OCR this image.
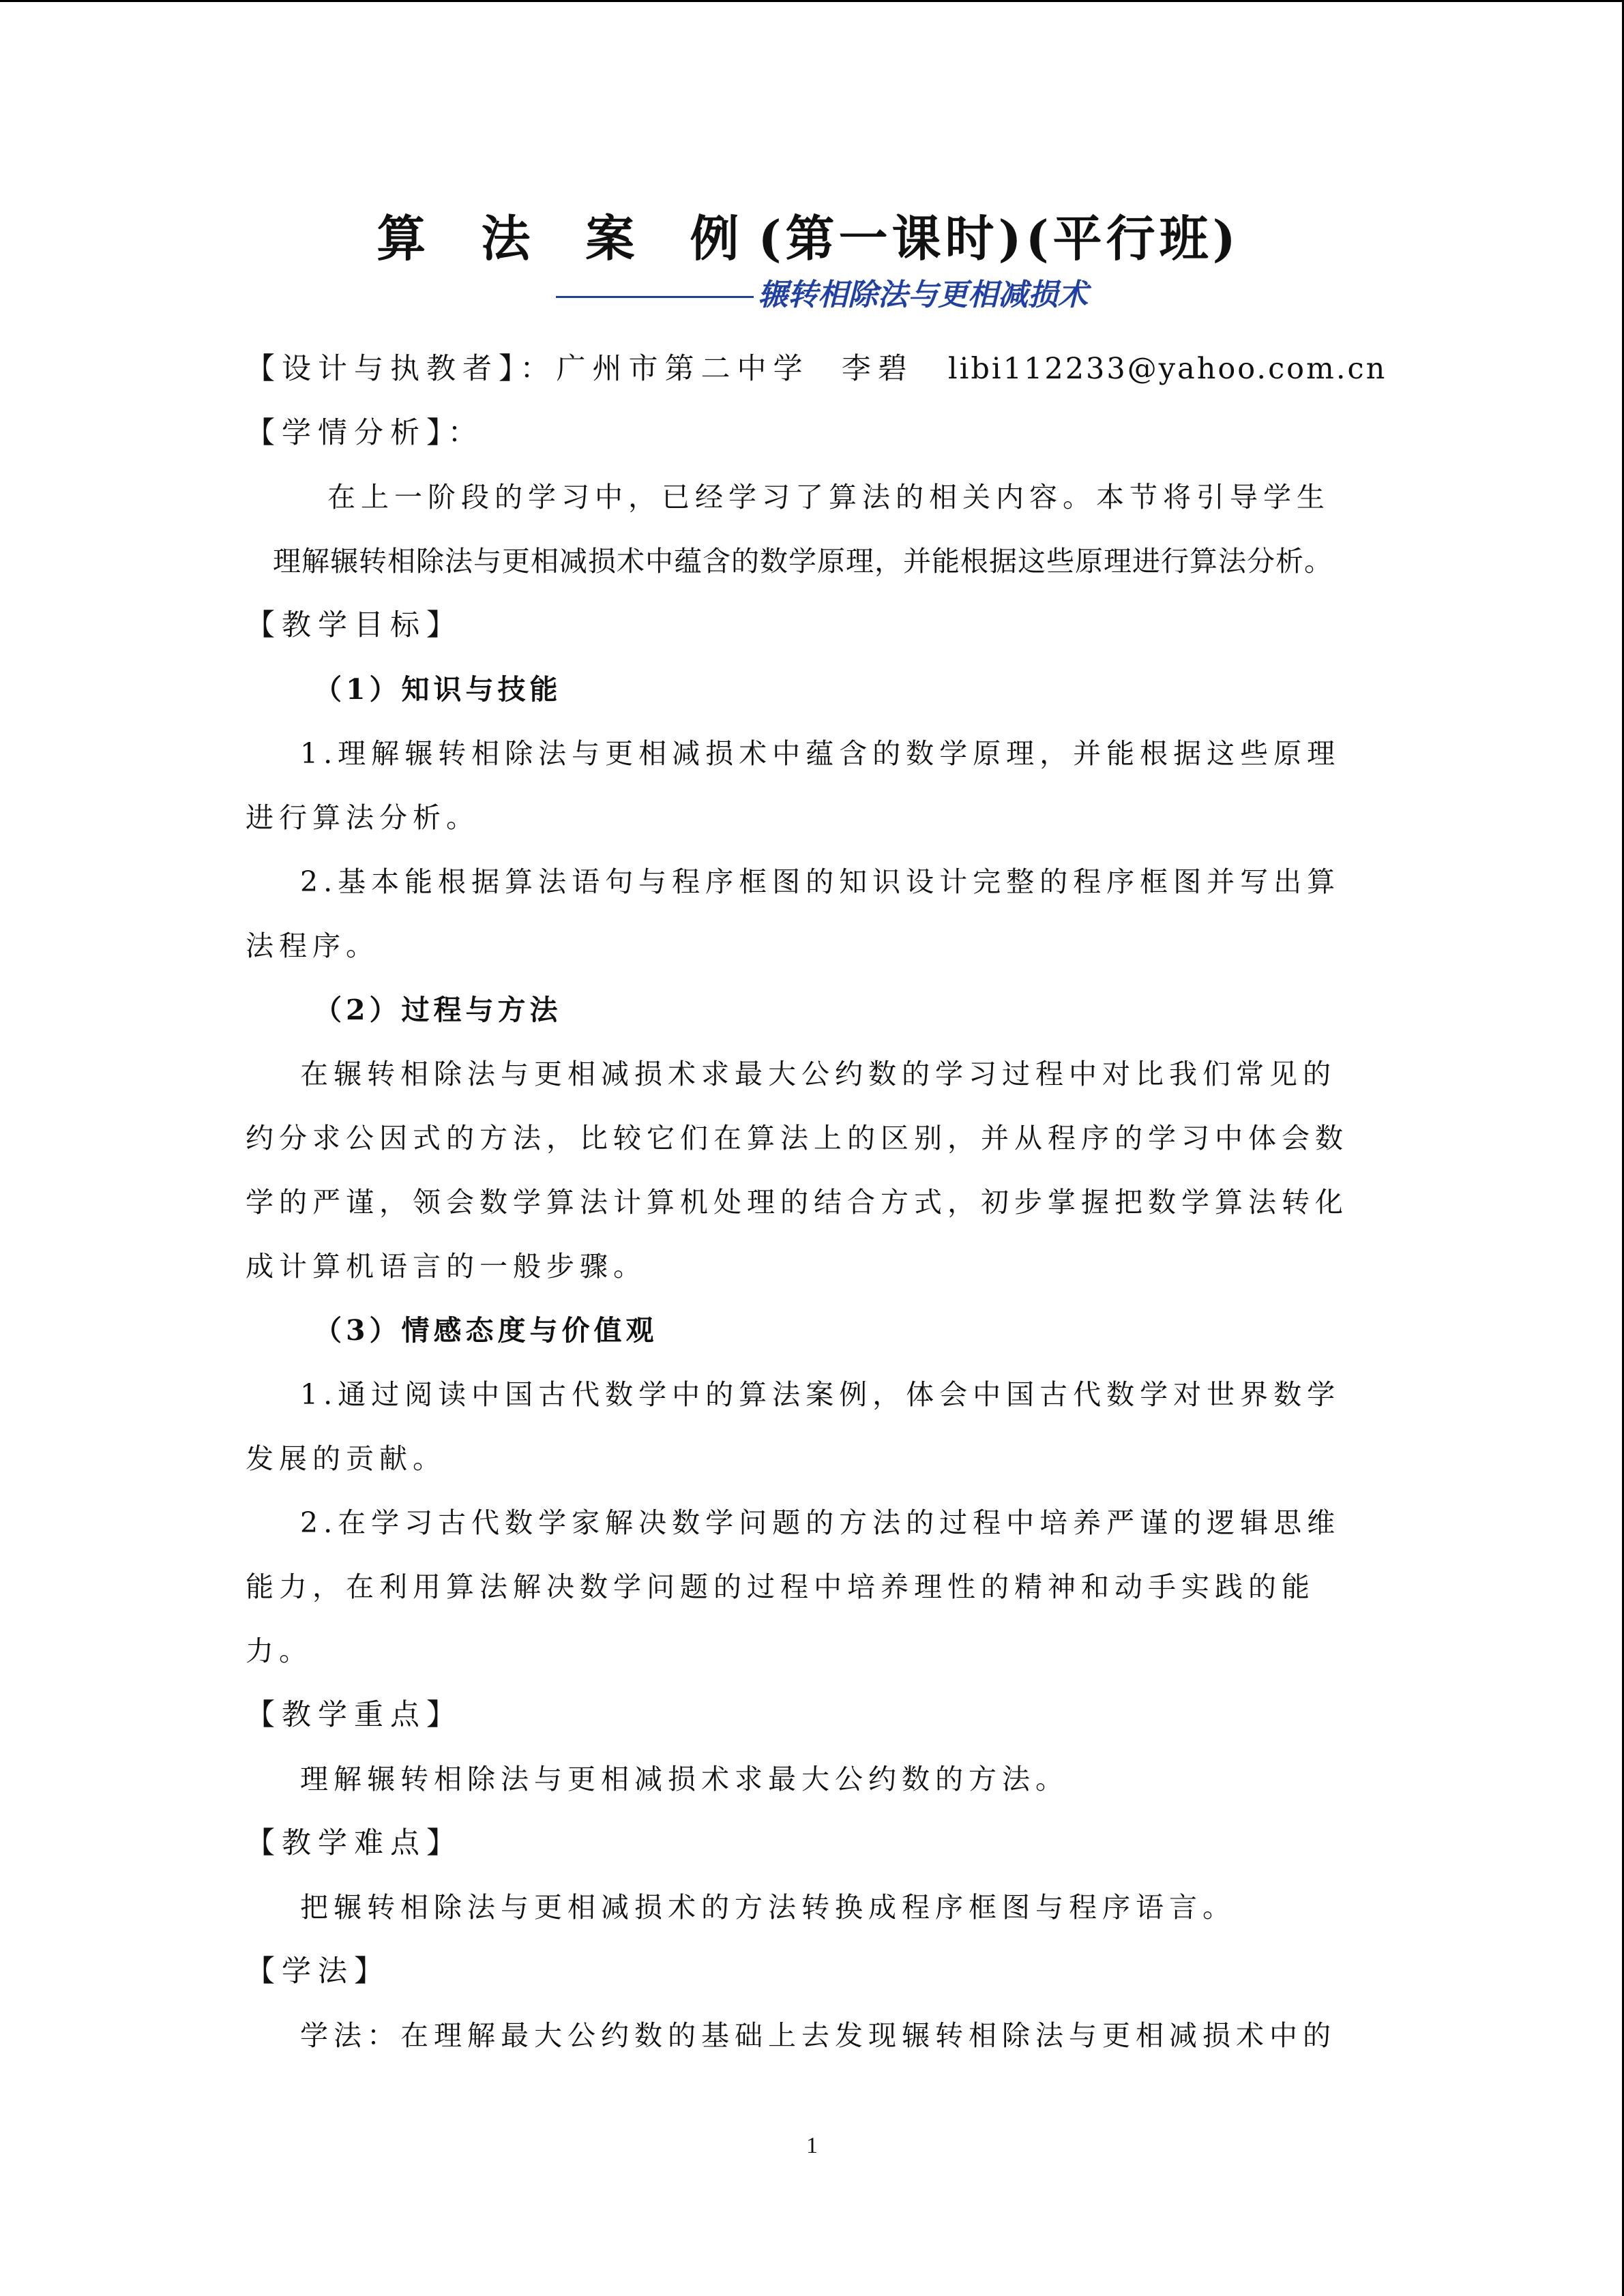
算 法 案 例(第一课时)(平行班)
辗转相除法与更相减损术
【设计与执教者】：广州市第二中学 李碧 libi112233@yahoo.com.cn
【学情分析】：
在上一阶段的学习中，已经学习了算法的相关内容。本节将引导学生
理解辗转相除法与更相减损术中蕴含的数学原理，并能根据这些原理进行算法分析。
【教学目标】
（1）知识与技能
1.理解辗转相除法与更相减损术中蕴含的数学原理，并能根据这些原理
进行算法分析。
2.基本能根据算法语句与程序框图的知识设计完整的程序框图并写出算
法程序。
（2）过程与方法
在辗转相除法与更相减损术求最大公约数的学习过程中对比我们常见的
约分求公因式的方法，比较它们在算法上的区别，并从程序的学习中体会数
学的严谨，领会数学算法计算机处理的结合方式，初步掌握把数学算法转化
成计算机语言的一般步骤。
（3）情感态度与价值观
1.通过阅读中国古代数学中的算法案例，体会中国古代数学对世界数学
发展的贡献。
2.在学习古代数学家解决数学问题的方法的过程中培养严谨的逻辑思维
能力，在利用算法解决数学问题的过程中培养理性的精神和动手实践的能
力。
【教学重点】
理解辗转相除法与更相减损术求最大公约数的方法。
【教学难点】
把辗转相除法与更相减损术的方法转换成程序框图与程序语言。
【学法】
学法：在理解最大公约数的基础上去发现辗转相除法与更相减损术中的
1
